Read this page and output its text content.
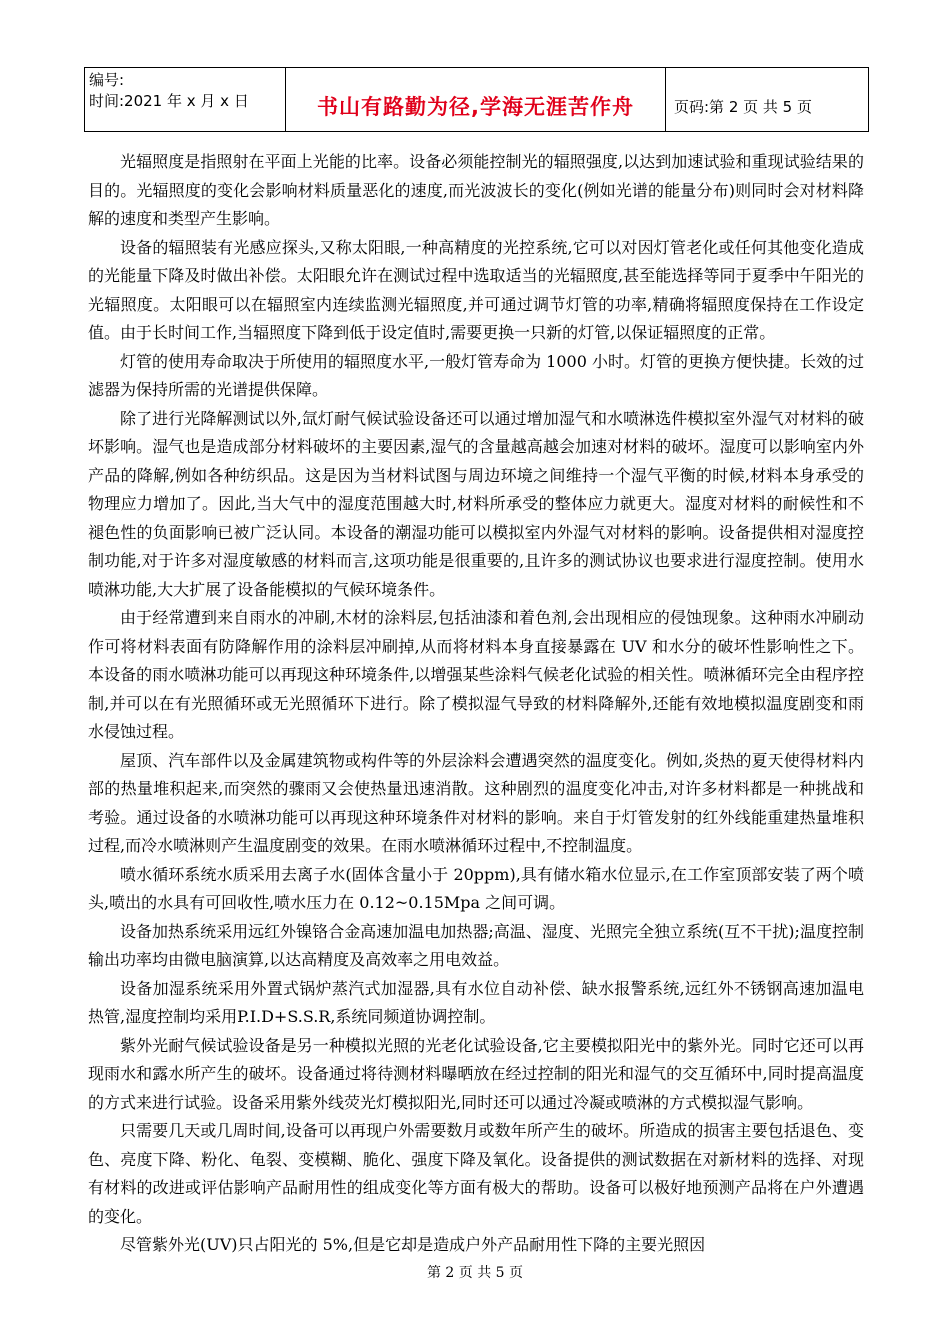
编号:
时间:2021 年 x 月 x 日	书山有路勤为径,学海无涯苦作舟	页码:第 2 页 共 5 页

光辐照度是指照射在平面上光能的比率。设备必须能控制光的辐照强度,以达到加速试验和重现试验结果的目的。光辐照度的变化会影响材料质量恶化的速度,而光波波长的变化(例如光谱的能量分布)则同时会对材料降解的速度和类型产生影响。

设备的辐照装有光感应探头,又称太阳眼,一种高精度的光控系统,它可以对因灯管老化或任何其他变化造成的光能量下降及时做出补偿。太阳眼允许在测试过程中选取适当的光辐照度,甚至能选择等同于夏季中午阳光的光辐照度。太阳眼可以在辐照室内连续监测光辐照度,并可通过调节灯管的功率,精确将辐照度保持在工作设定值。由于长时间工作,当辐照度下降到低于设定值时,需要更换一只新的灯管,以保证辐照度的正常。

灯管的使用寿命取决于所使用的辐照度水平,一般灯管寿命为 1000 小时。灯管的更换方便快捷。长效的过滤器为保持所需的光谱提供保障。

除了进行光降解测试以外,氙灯耐气候试验设备还可以通过增加湿气和水喷淋选件模拟室外湿气对材料的破坏影响。湿气也是造成部分材料破坏的主要因素,湿气的含量越高越会加速对材料的破坏。湿度可以影响室内外产品的降解,例如各种纺织品。这是因为当材料试图与周边环境之间维持一个湿气平衡的时候,材料本身承受的物理应力增加了。因此,当大气中的湿度范围越大时,材料所承受的整体应力就更大。湿度对材料的耐候性和不褪色性的负面影响已被广泛认同。本设备的潮湿功能可以模拟室内外湿气对材料的影响。设备提供相对湿度控制功能,对于许多对湿度敏感的材料而言,这项功能是很重要的,且许多的测试协议也要求进行湿度控制。使用水喷淋功能,大大扩展了设备能模拟的气候环境条件。

由于经常遭到来自雨水的冲刷,木材的涂料层,包括油漆和着色剂,会出现相应的侵蚀现象。这种雨水冲刷动作可将材料表面有防降解作用的涂料层冲刷掉,从而将材料本身直接暴露在 UV 和水分的破坏性影响性之下。本设备的雨水喷淋功能可以再现这种环境条件,以增强某些涂料气候老化试验的相关性。喷淋循环完全由程序控制,并可以在有光照循环或无光照循环下进行。除了模拟湿气导致的材料降解外,还能有效地模拟温度剧变和雨水侵蚀过程。

屋顶、汽车部件以及金属建筑物或构件等的外层涂料会遭遇突然的温度变化。例如,炎热的夏天使得材料内部的热量堆积起来,而突然的骤雨又会使热量迅速消散。这种剧烈的温度变化冲击,对许多材料都是一种挑战和考验。通过设备的水喷淋功能可以再现这种环境条件对材料的影响。来自于灯管发射的红外线能重建热量堆积过程,而冷水喷淋则产生温度剧变的效果。在雨水喷淋循环过程中,不控制温度。

喷水循环系统水质采用去离子水(固体含量小于 20ppm),具有储水箱水位显示,在工作室顶部安装了两个喷头,喷出的水具有可回收性,喷水压力在 0.12~0.15Mpa 之间可调。

设备加热系统采用远红外镍铬合金高速加温电加热器;高温、湿度、光照完全独立系统(互不干扰);温度控制输出功率均由微电脑演算,以达高精度及高效率之用电效益。

设备加湿系统采用外置式锅炉蒸汽式加湿器,具有水位自动补偿、缺水报警系统,远红外不锈钢高速加温电热管,湿度控制均采用P.I.D+S.S.R,系统同频道协调控制。

紫外光耐气候试验设备是另一种模拟光照的光老化试验设备,它主要模拟阳光中的紫外光。同时它还可以再现雨水和露水所产生的破坏。设备通过将待测材料曝晒放在经过控制的阳光和湿气的交互循环中,同时提高温度的方式来进行试验。设备采用紫外线荧光灯模拟阳光,同时还可以通过冷凝或喷淋的方式模拟湿气影响。

只需要几天或几周时间,设备可以再现户外需要数月或数年所产生的破坏。所造成的损害主要包括退色、变色、亮度下降、粉化、龟裂、变模糊、脆化、强度下降及氧化。设备提供的测试数据在对新材料的选择、对现有材料的改进或评估影响产品耐用性的组成变化等方面有极大的帮助。设备可以极好地预测产品将在户外遭遇的变化。

尽管紫外光(UV)只占阳光的 5%,但是它却是造成户外产品耐用性下降的主要光照因

第 2 页 共 5 页
